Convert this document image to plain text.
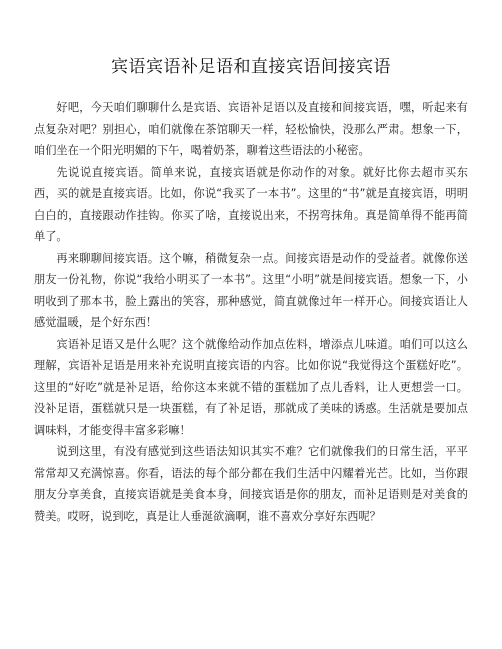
宾语宾语补足语和直接宾语间接宾语

好吧，今天咱们聊聊什么是宾语、宾语补足语以及直接和间接宾语，嘿，听起来有点复杂对吧？别担心，咱们就像在茶馆聊天一样，轻松愉快，没那么严肃。想象一下，咱们坐在一个阳光明媚的下午，喝着奶茶，聊着这些语法的小秘密。

先说说直接宾语。简单来说，直接宾语就是你动作的对象。就好比你去超市买东西，买的就是直接宾语。比如，你说“我买了一本书”。这里的“书”就是直接宾语，明明白白的，直接跟动作挂钩。你买了啥，直接说出来，不拐弯抹角。真是简单得不能再简单了。

再来聊聊间接宾语。这个嘛，稍微复杂一点。间接宾语是动作的受益者。就像你送朋友一份礼物，你说“我给小明买了一本书”。这里“小明”就是间接宾语。想象一下，小明收到了那本书，脸上露出的笑容，那种感觉，简直就像过年一样开心。间接宾语让人感觉温暖，是个好东西！

宾语补足语又是什么呢？这个就像给动作加点佐料，增添点儿味道。咱们可以这么理解，宾语补足语是用来补充说明直接宾语的内容。比如你说“我觉得这个蛋糕好吃”。这里的“好吃”就是补足语，给你这本来就不错的蛋糕加了点儿香料，让人更想尝一口。没补足语，蛋糕就只是一块蛋糕，有了补足语，那就成了美味的诱惑。生活就是要加点调味料，才能变得丰富多彩嘛！

说到这里，有没有感觉到这些语法知识其实不难？它们就像我们的日常生活，平平常常却又充满惊喜。你看，语法的每个部分都在我们生活中闪耀着光芒。比如，当你跟朋友分享美食，直接宾语就是美食本身，间接宾语是你的朋友，而补足语则是对美食的赞美。哎呀，说到吃，真是让人垂涎欲滴啊，谁不喜欢分享好东西呢？
